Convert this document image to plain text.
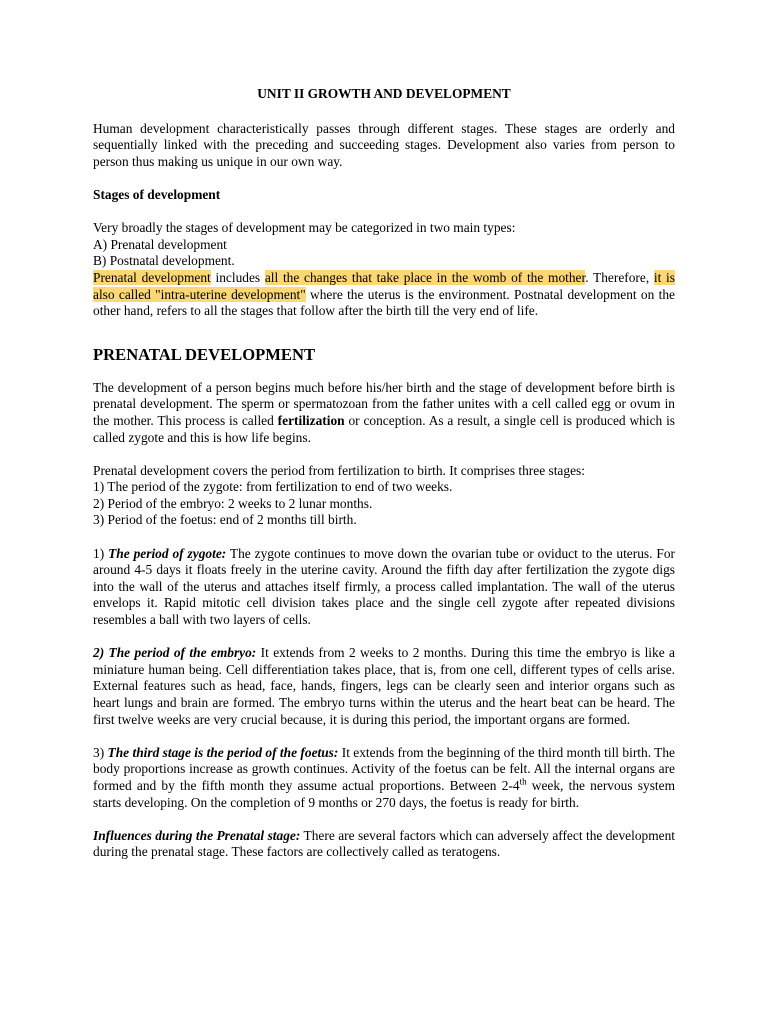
UNIT II GROWTH AND DEVELOPMENT

Human development characteristically passes through different stages. These stages are orderly and sequentially linked with the preceding and succeeding stages. Development also varies from person to person thus making us unique in our own way.

Stages of development

Very broadly the stages of development may be categorized in two main types:
A) Prenatal development
B) Postnatal development.
Prenatal development includes all the changes that take place in the womb of the mother. Therefore, it is also called "intra-uterine development" where the uterus is the environment. Postnatal development on the other hand, refers to all the stages that follow after the birth till the very end of life.

PRENATAL DEVELOPMENT

The development of a person begins much before his/her birth and the stage of development before birth is prenatal development. The sperm or spermatozoan from the father unites with a cell called egg or ovum in the mother. This process is called fertilization or conception. As a result, a single cell is produced which is called zygote and this is how life begins.

Prenatal development covers the period from fertilization to birth. It comprises three stages:
1) The period of the zygote: from fertilization to end of two weeks.
2) Period of the embryo: 2 weeks to 2 lunar months.
3) Period of the foetus: end of 2 months till birth.

1) The period of zygote: The zygote continues to move down the ovarian tube or oviduct to the uterus. For around 4-5 days it floats freely in the uterine cavity. Around the fifth day after fertilization the zygote digs into the wall of the uterus and attaches itself firmly, a process called implantation. The wall of the uterus envelops it. Rapid mitotic cell division takes place and the single cell zygote after repeated divisions resembles a ball with two layers of cells.

2) The period of the embryo: It extends from 2 weeks to 2 months. During this time the embryo is like a miniature human being. Cell differentiation takes place, that is, from one cell, different types of cells arise. External features such as head, face, hands, fingers, legs can be clearly seen and interior organs such as heart lungs and brain are formed. The embryo turns within the uterus and the heart beat can be heard. The first twelve weeks are very crucial because, it is during this period, the important organs are formed.

3) The third stage is the period of the foetus: It extends from the beginning of the third month till birth. The body proportions increase as growth continues. Activity of the foetus can be felt. All the internal organs are formed and by the fifth month they assume actual proportions. Between 2-4th week, the nervous system starts developing. On the completion of 9 months or 270 days, the foetus is ready for birth.

Influences during the Prenatal stage: There are several factors which can adversely affect the development during the prenatal stage. These factors are collectively called as teratogens.
